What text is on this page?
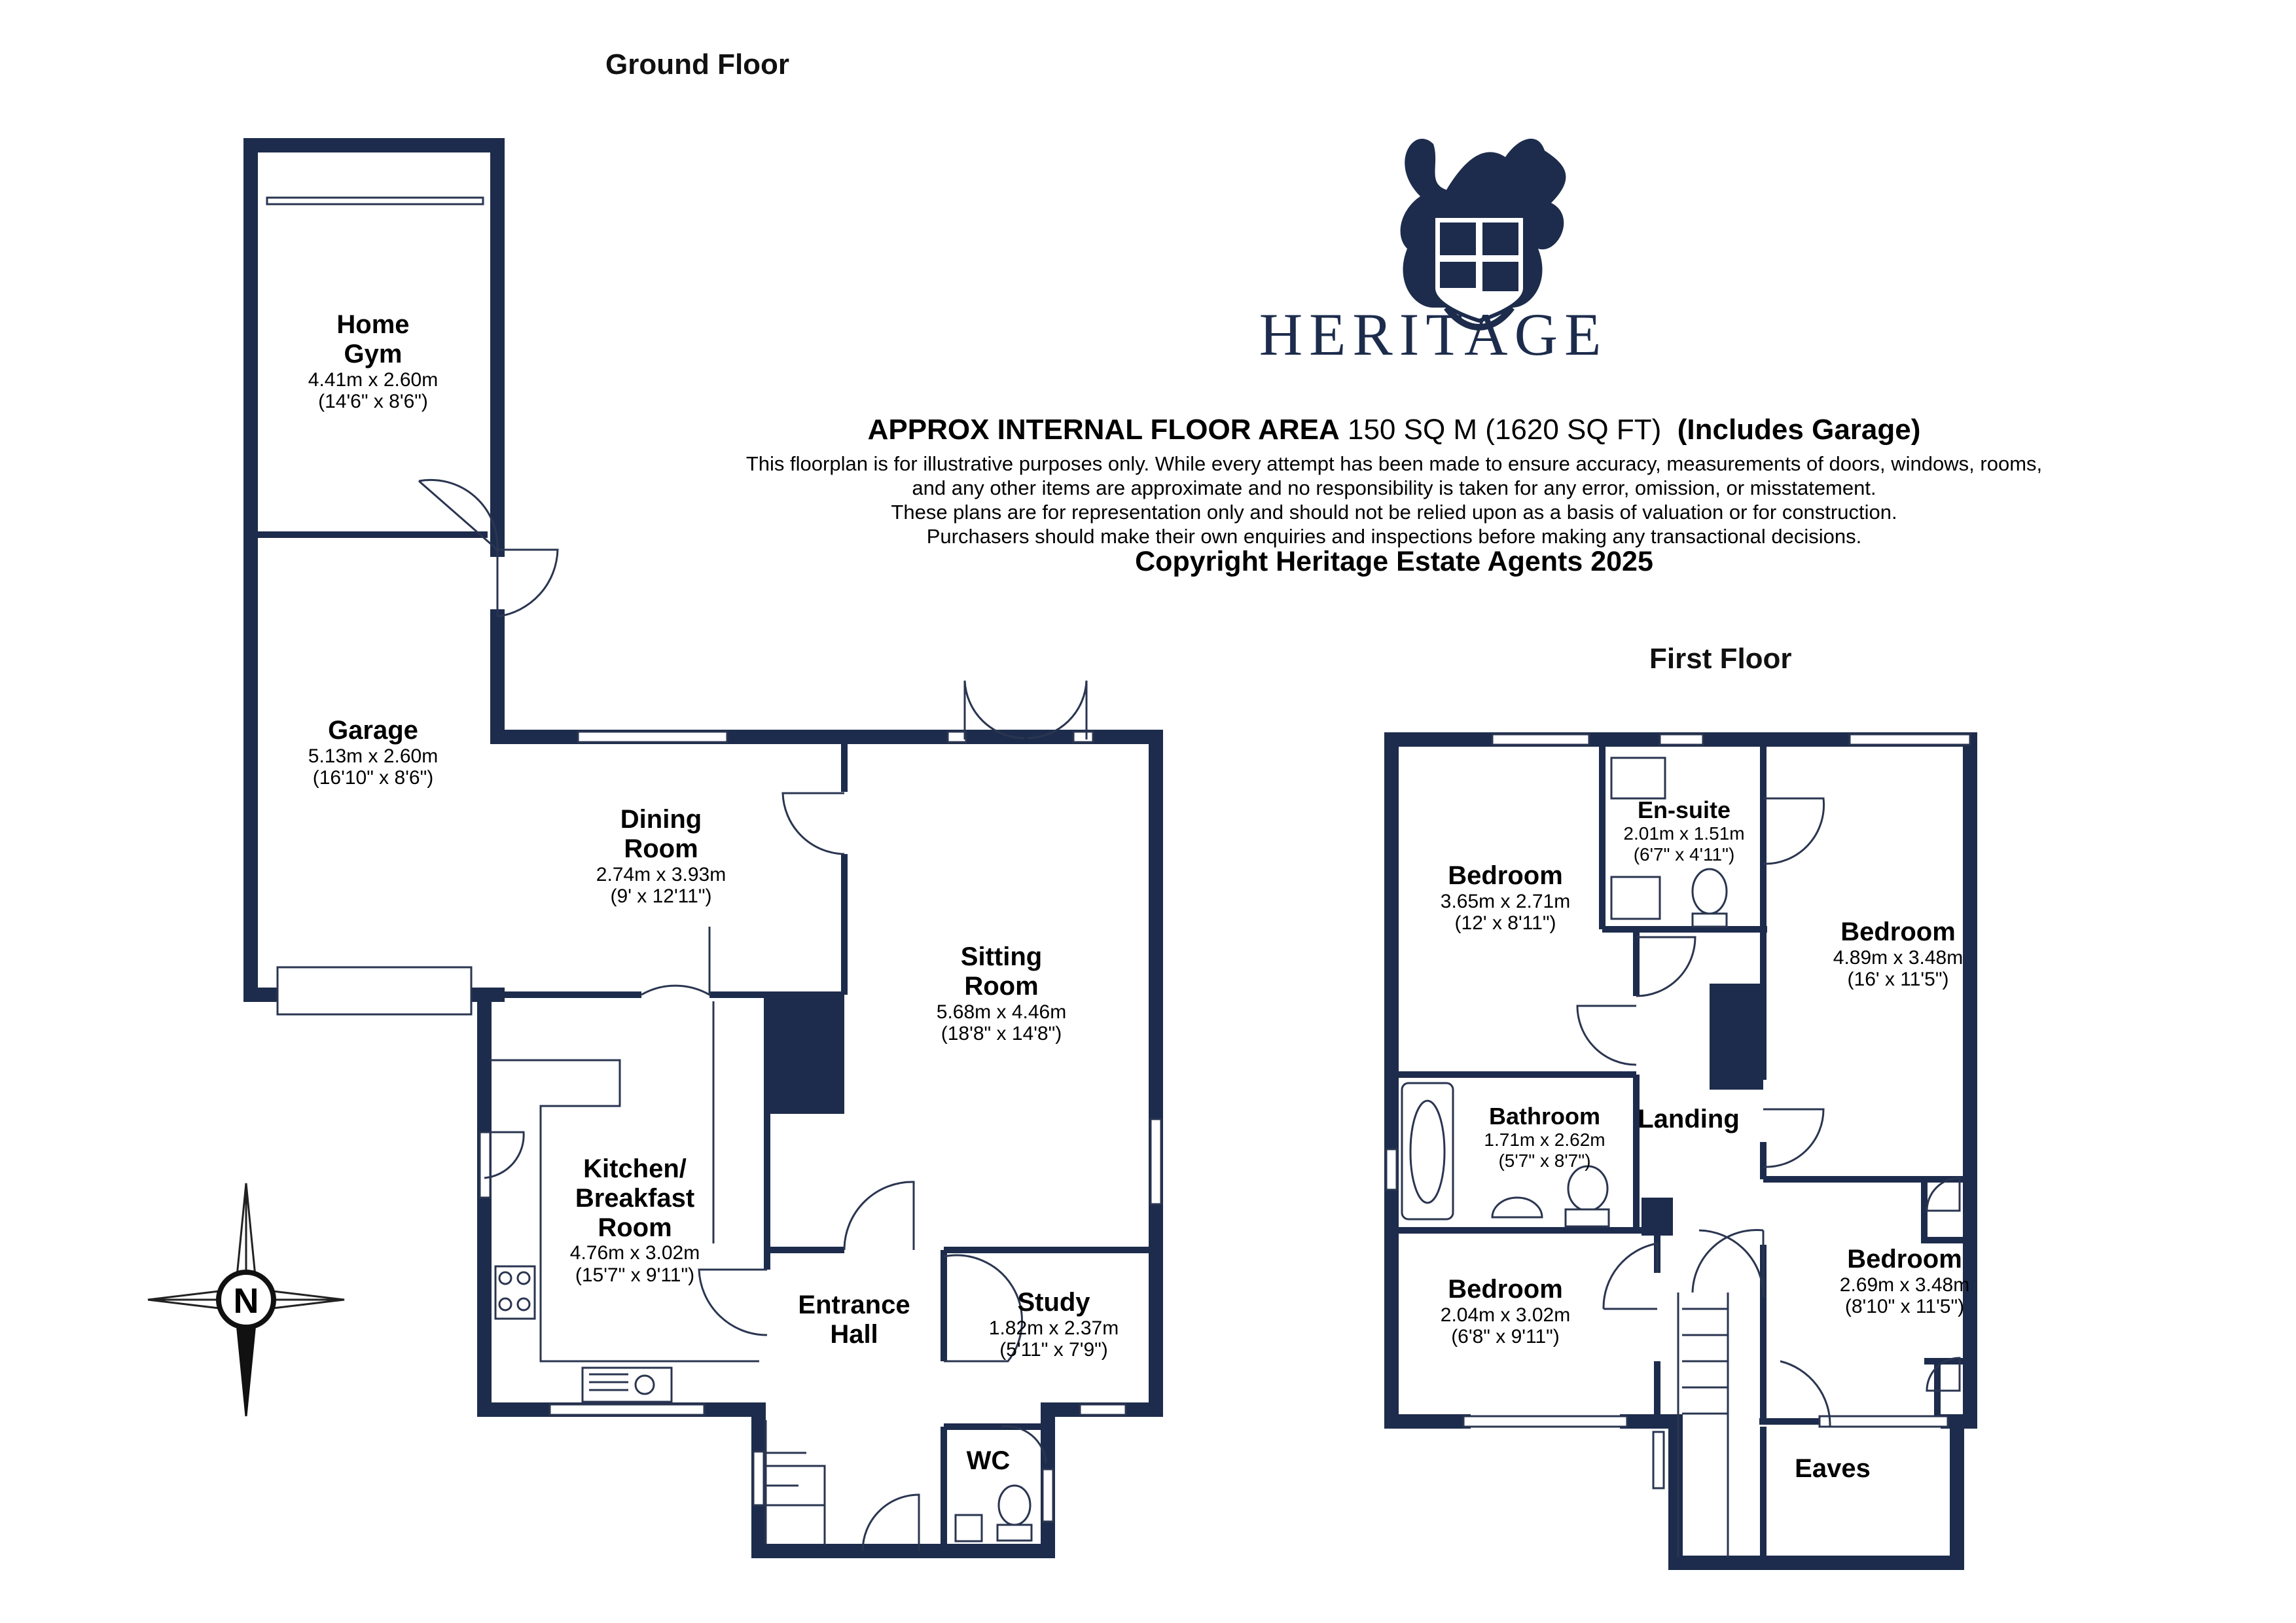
HERITAGE
APPROX INTERNAL FLOOR AREA 150 SQ M (1620 SQ FT) (Includes Garage)
This floorplan is for illustrative purposes only. While every attempt has been made to ensure accuracy, measurements of doors, windows, rooms,
and any other items are approximate and no responsibility is taken for any error, omission, or misstatement.
These plans are for representation only and should not be relied upon as a basis of valuation or for construction.
Purchasers should make their own enquiries and inspections before making any transactional decisions.
Copyright Heritage Estate Agents 2025
Ground Floor
First Floor
N
Home Gym
4.41m x 2.60m
(14'6" x 8'6")
Garage
5.13m x 2.60m
(16'10" x 8'6")
Dining Room
2.74m x 3.93m
(9' x 12'11")
Sitting Room
5.68m x 4.46m
(18'8" x 14'8")
Kitchen/ Breakfast Room
4.76m x 3.02m
(15'7" x 9'11")
Entrance Hall
Study
1.82m x 2.37m
(5'11" x 7'9")
WC
Bedroom
3.65m x 2.71m
(12' x 8'11")
En-suite
2.01m x 1.51m
(6'7" x 4'11")
Bedroom
4.89m x 3.48m
(16' x 11'5")
Bathroom
1.71m x 2.62m
(5'7" x 8'7")
Landing
Bedroom
2.04m x 3.02m
(6'8" x 9'11")
Bedroom
2.69m x 3.48m
(8'10" x 11'5")
Eaves
